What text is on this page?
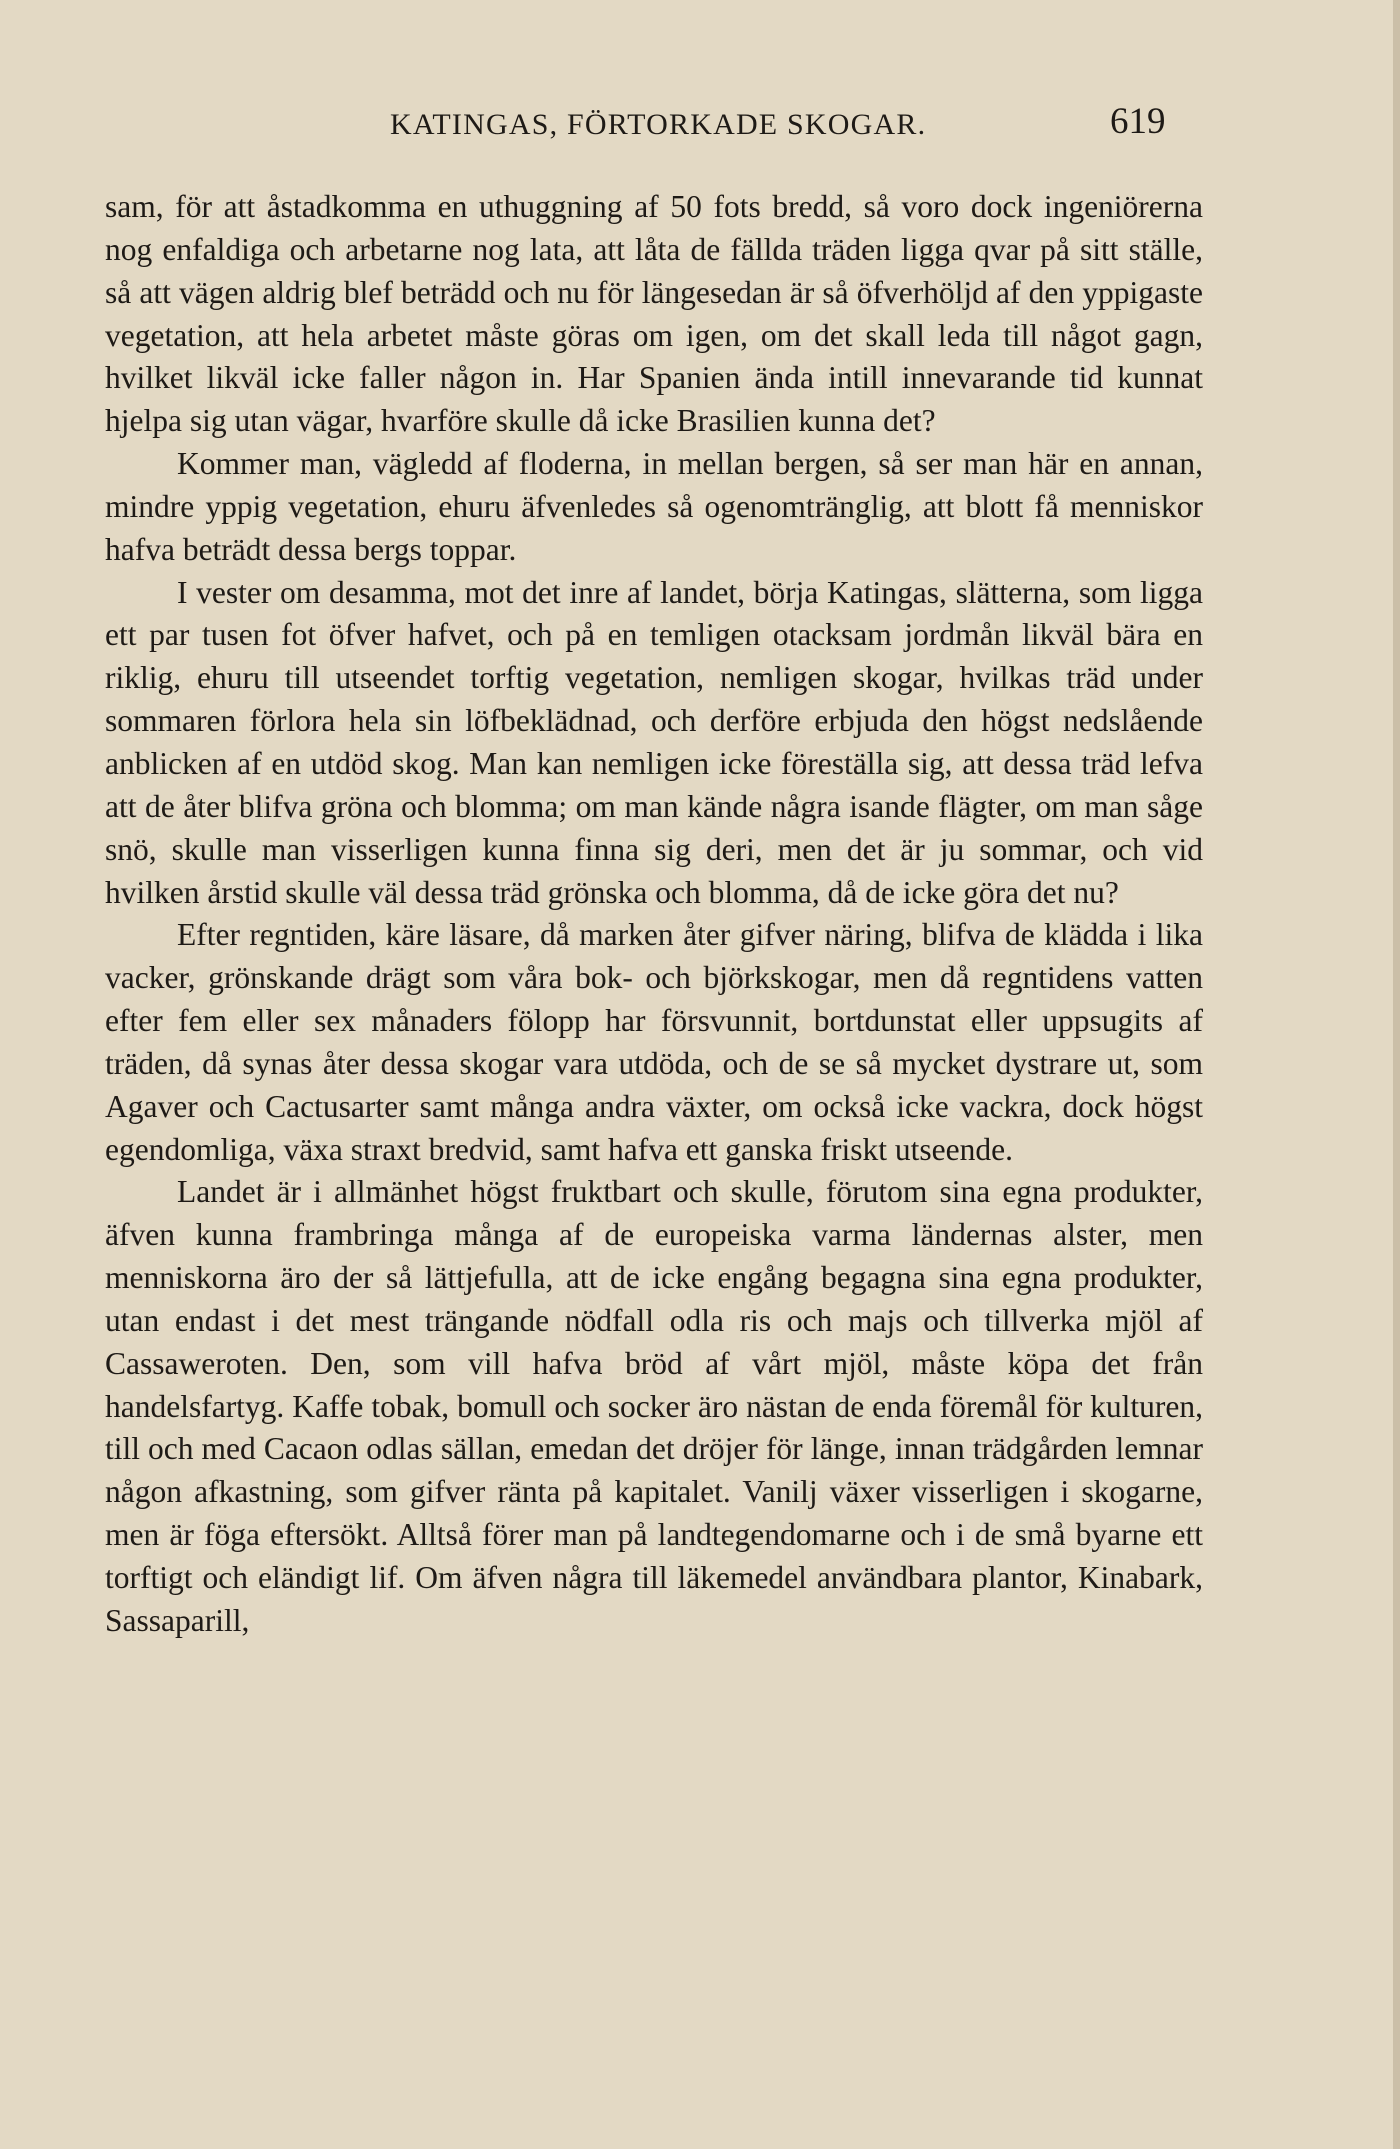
KATINGAS, FÖRTORKADE SKOGAR.	619

sam, för att åstadkomma en uthuggning af 50 fots bredd, så voro dock ingeniörerna nog enfaldiga och arbetarne nog lata, att låta de fällda träden ligga qvar på sitt ställe, så att vägen aldrig blef beträdd och nu för längesedan är så öfverhöljd af den yppigaste vegetation, att hela arbetet måste göras om igen, om det skall leda till något gagn, hvilket likväl icke faller någon in. Har Spanien ända intill innevarande tid kunnat hjelpa sig utan vägar, hvarföre skulle då icke Brasilien kunna det?

Kommer man, vägledd af floderna, in mellan bergen, så ser man här en annan, mindre yppig vegetation, ehuru äfvenledes så ogenomtränglig, att blott få menniskor hafva beträdt dessa bergs toppar.

I vester om desamma, mot det inre af landet, börja Katingas, slätterna, som ligga ett par tusen fot öfver hafvet, och på en temligen otacksam jordmån likväl bära en riklig, ehuru till utseendet torftig vegetation, nemligen skogar, hvilkas träd under sommaren förlora hela sin löfbeklädnad, och derföre erbjuda den högst nedslående anblicken af en utdöd skog. Man kan nemligen icke föreställa sig, att dessa träd lefva att de åter blifva gröna och blomma; om man kände några isande flägter, om man såge snö, skulle man visserligen kunna finna sig deri, men det är ju sommar, och vid hvilken årstid skulle väl dessa träd grönska och blomma, då de icke göra det nu?

Efter regntiden, käre läsare, då marken åter gifver näring, blifva de klädda i lika vacker, grönskande drägt som våra bok- och björkskogar, men då regntidens vatten efter fem eller sex månaders fölopp har försvunnit, bortdunstat eller uppsugits af träden, då synas åter dessa skogar vara utdöda, och de se så mycket dystrare ut, som Agaver och Cactusarter samt många andra växter, om också icke vackra, dock högst egendomliga, växa straxt bredvid, samt hafva ett ganska friskt utseende.

Landet är i allmänhet högst fruktbart och skulle, förutom sina egna produkter, äfven kunna frambringa många af de europeiska varma ländernas alster, men menniskorna äro der så lättjefulla, att de icke engång begagna sina egna produkter, utan endast i det mest trängande nödfall odla ris och majs och tillverka mjöl af Cassaweroten. Den, som vill hafva bröd af vårt mjöl, måste köpa det från handelsfartyg. Kaffe tobak, bomull och socker äro nästan de enda föremål för kulturen, till och med Cacaon odlas sällan, emedan det dröjer för länge, innan trädgården lemnar någon afkastning, som gifver ränta på kapitalet. Vanilj växer visserligen i skogarne, men är föga eftersökt. Alltså förer man på landtegendomarne och i de små byarne ett torftigt och eländigt lif. Om äfven några till läkemedel användbara plantor, Kinabark, Sassaparill,
